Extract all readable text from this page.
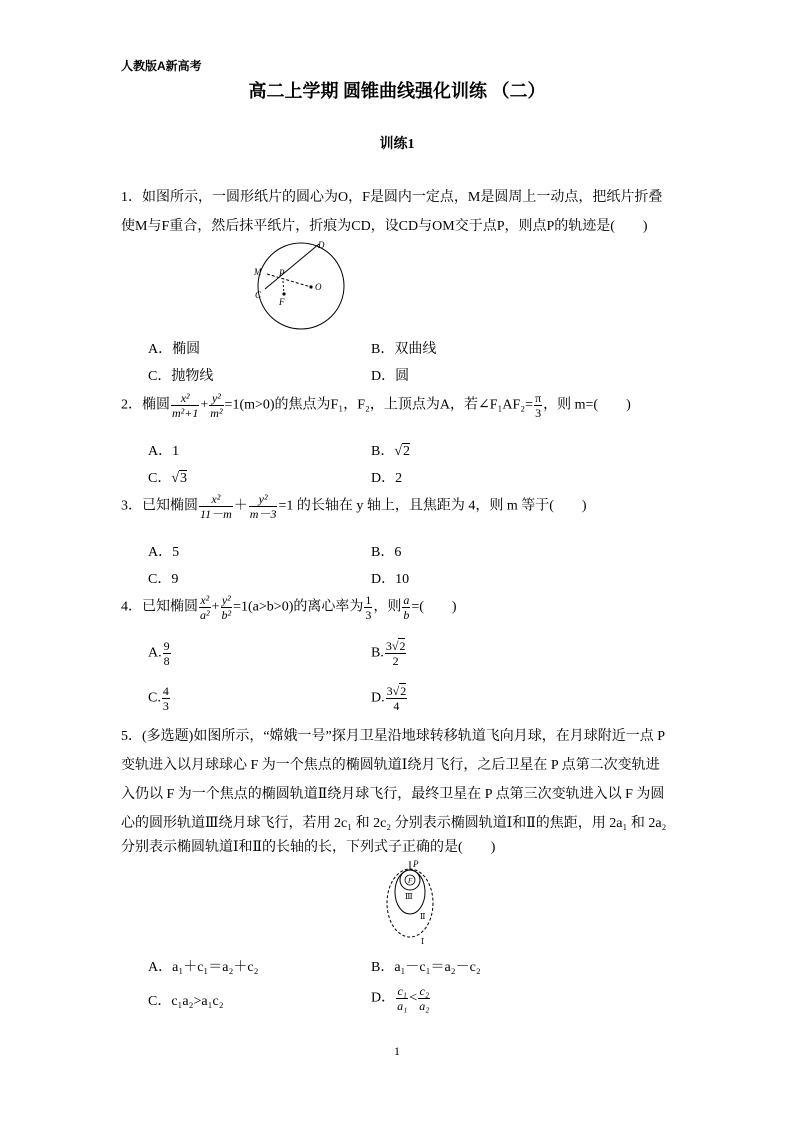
人教版A新高考
高二上学期 圆锥曲线强化训练 （二）
训练1
1．如图所示，一圆形纸片的圆心为O，F是圆内一定点，M是圆周上一动点，把纸片折叠
使M与F重合，然后抹平纸片，折痕为CD，设CD与OM交于点P，则点P的轨迹是(　　)
D
M P
C
O
F
A．椭圆	B．双曲线
C．抛物线	D．圆
2．椭圆 $\frac{\text{x²}}{\text{m²+1}} + \frac{\text{y²}}{\text{m²}} =1(m>0)$的焦点为F₁，F₂，上顶点为A，若∠F₁AF₂= $\frac{\pi}{3}$ ，则 m=(　　)
A．1	B．√2
C．√3	D．2
3．已知椭圆 $\frac{\text{x²}}{11-m} + \frac{\text{y²}}{m-3} =1$ 的长轴在 y 轴上，且焦距为 4，则 m 等于(　　)
A．5	B．6
C．9	D．10
4．已知椭圆 $\frac{\text{x²}}{\text{a²}} + \frac{\text{y²}}{\text{b²}} =1(a>b>0)$的离心率为 $\frac{1}{3}$ ，则 $\frac{a}{b}$ =(　　)
A. $\frac{9}{8}$	B. $\frac{3√2}{2}$
C. $\frac{4}{3}$	D. $\frac{3√2}{4}$
5．(多选题)如图所示，“嫦娥一号”探月卫星沿地球转移轨道飞向月球，在月球附近一点 P
变轨进入以月球球心 F 为一个焦点的椭圆轨道Ⅰ绕月飞行，之后卫星在 P 点第二次变轨进
入仍以 F 为一个焦点的椭圆轨道Ⅱ绕月球飞行，最终卫星在 P 点第三次变轨进入以 F 为圆
心的圆形轨道Ⅲ绕月球飞行，若用 2c₁ 和 2c₂ 分别表示椭圆轨道Ⅰ和Ⅱ的焦距，用 2a₁ 和 2a₂
分别表示椭圆轨道Ⅰ和Ⅱ的长轴的长，下列式子正确的是(　　)
P
F
Ⅲ
Ⅱ
Ⅰ
A．a₁＋c₁＝a₂＋c₂	B．a₁－c₁＝a₂－c₂
C．c₁a₂>a₁c₂	D． $\frac{\text{c₁}}{\text{a₁}} < \frac{\text{c₂}}{\text{a₂}}$
1
